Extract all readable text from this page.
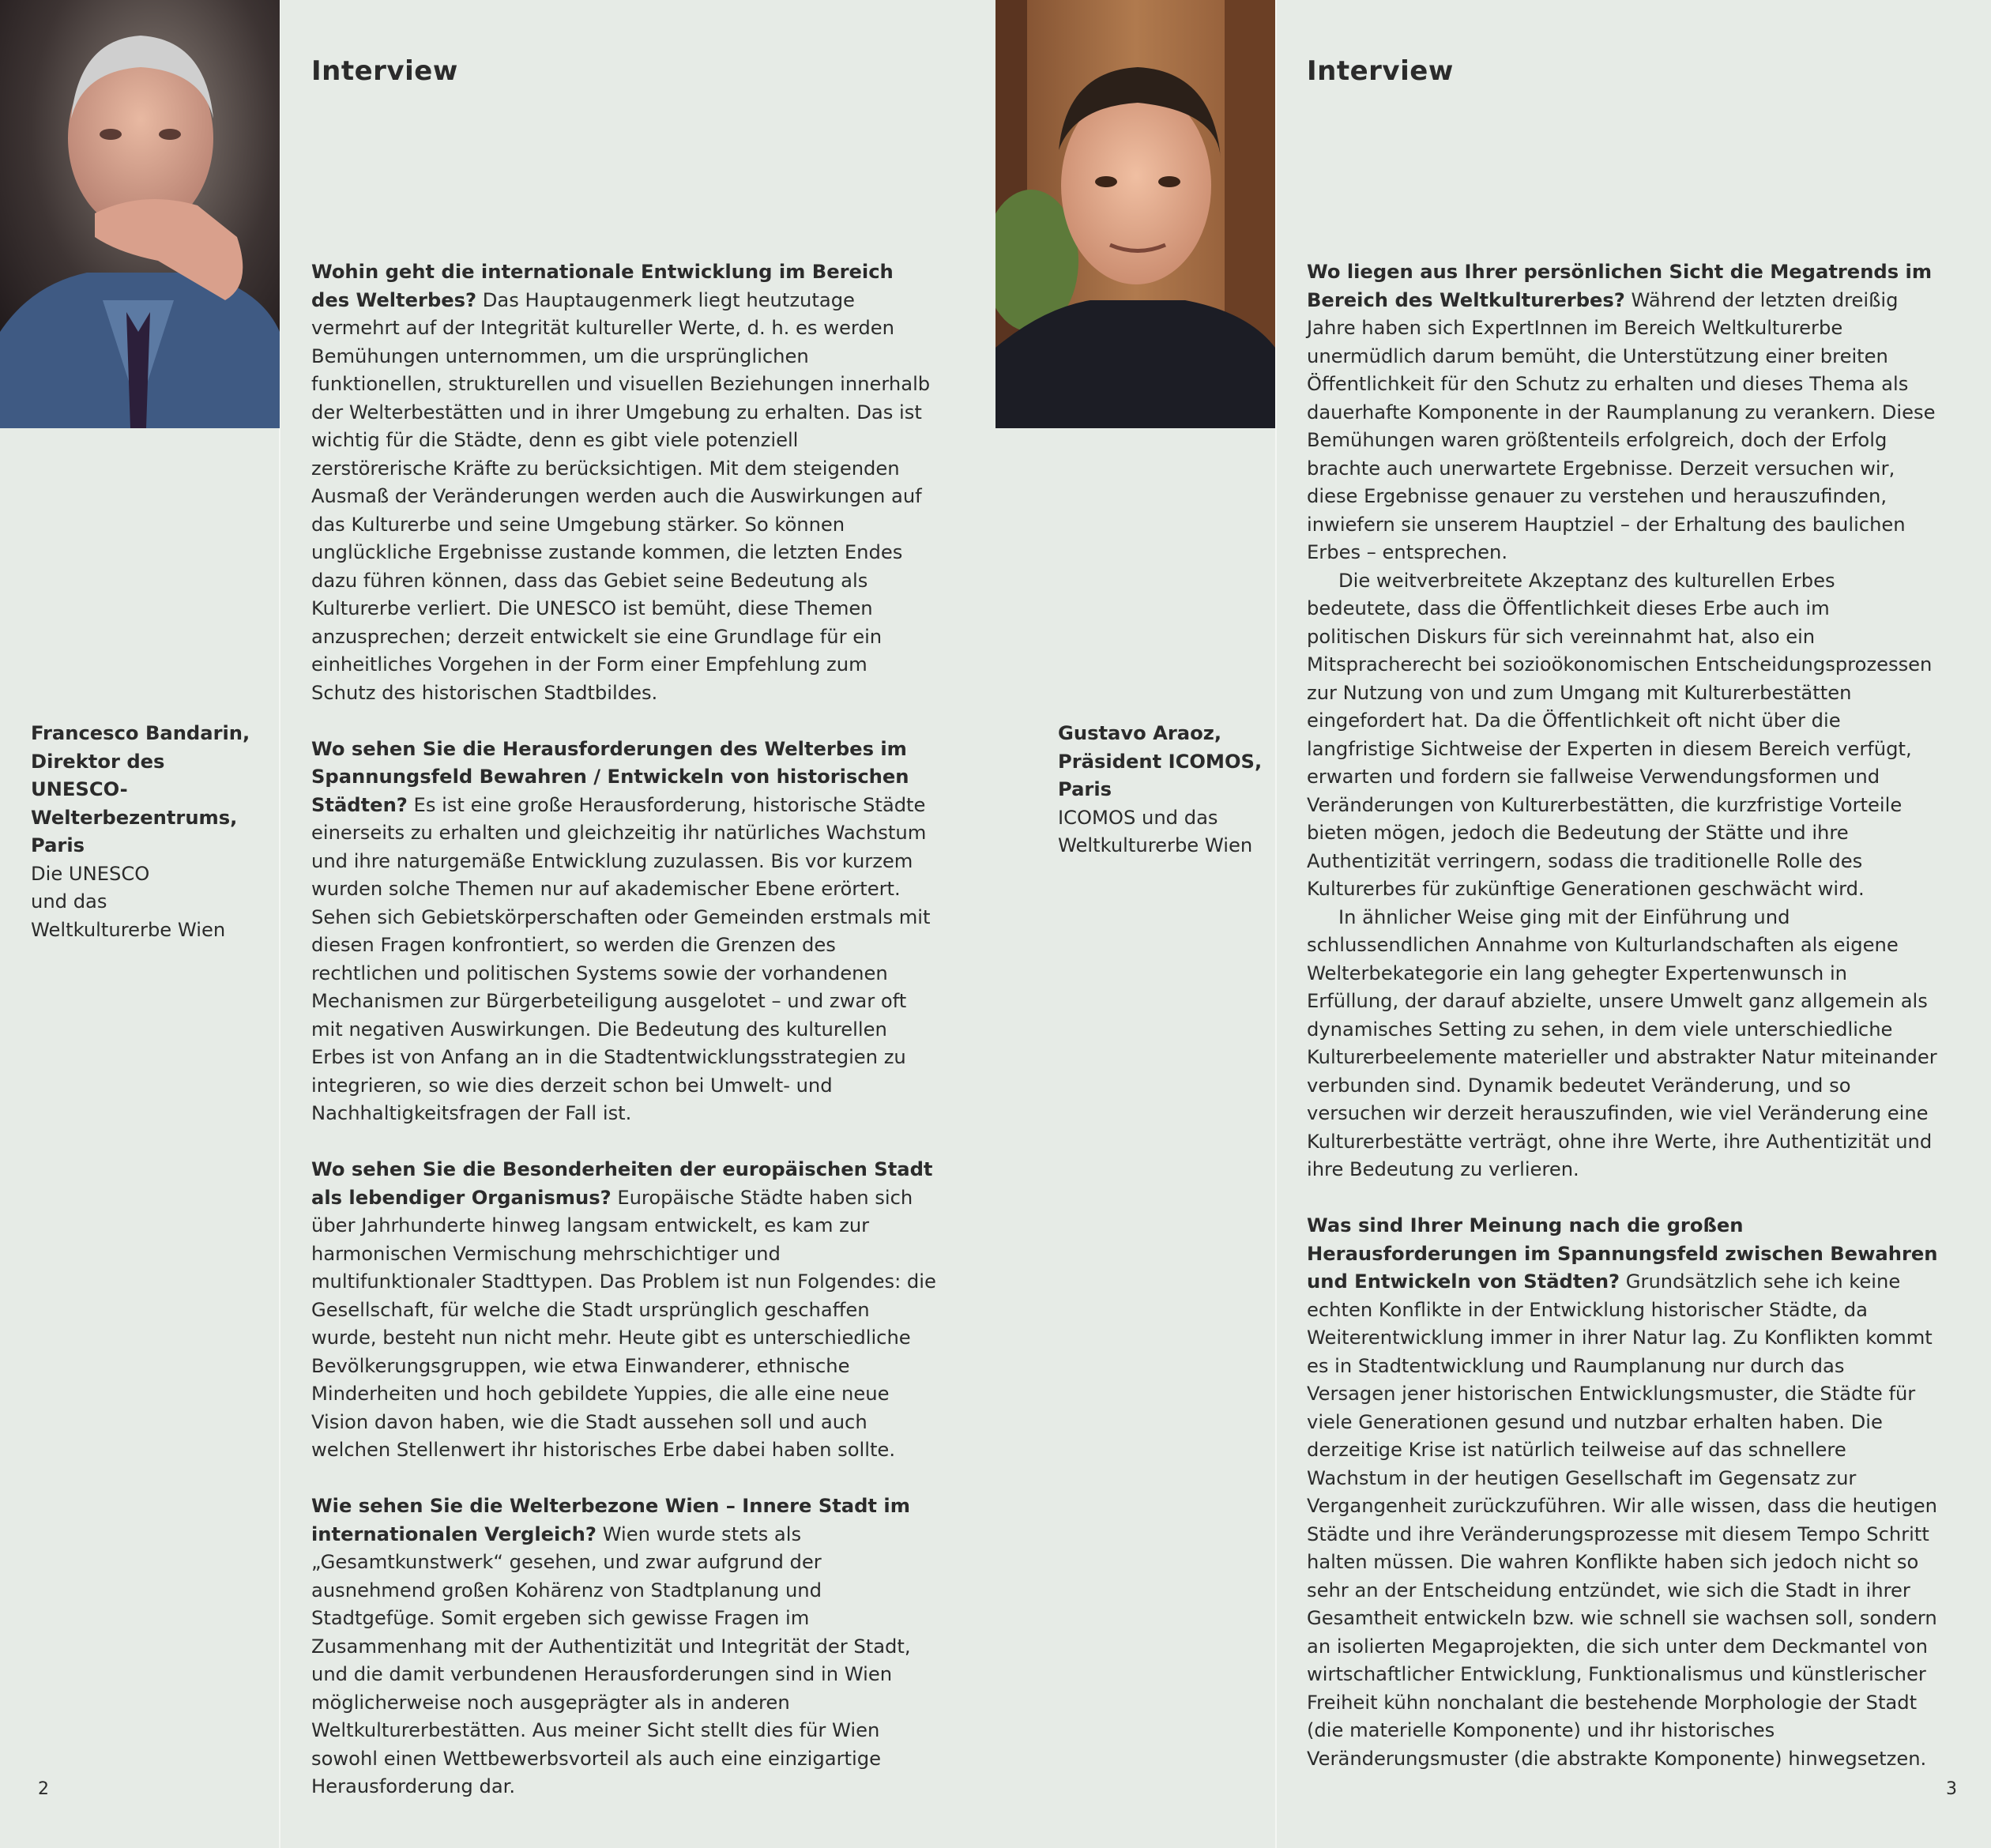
Interview

Wohin geht die internationale Entwicklung im Bereich des Welterbes? Das Hauptaugenmerk liegt heutzutage vermehrt auf der Integrität kultureller Werte, d. h. es werden Bemühungen unternommen, um die ursprünglichen funktionellen, strukturellen und visuellen Beziehungen innerhalb der Welterbestätten und in ihrer Umgebung zu erhalten. Das ist wichtig für die Städte, denn es gibt viele potenziell zerstörerische Kräfte zu berücksichtigen. Mit dem steigenden Ausmaß der Veränderungen werden auch die Auswirkungen auf das Kulturerbe und seine Umgebung stärker. So können unglückliche Ergebnisse zustande kommen, die letzten Endes dazu führen können, dass das Gebiet seine Bedeutung als Kulturerbe verliert. Die UNESCO ist bemüht, diese Themen anzusprechen; derzeit entwickelt sie eine Grundlage für ein einheitliches Vorgehen in der Form einer Empfehlung zum Schutz des historischen Stadtbildes.

Wo sehen Sie die Herausforderungen des Welterbes im Spannungsfeld Bewahren / Entwickeln von historischen Städten? Es ist eine große Herausforderung, historische Städte einerseits zu erhalten und gleichzeitig ihr natürliches Wachstum und ihre naturgemäße Entwicklung zuzulassen. Bis vor kurzem wurden solche Themen nur auf akademischer Ebene erörtert. Sehen sich Gebietskörperschaften oder Gemeinden erstmals mit diesen Fragen konfrontiert, so werden die Grenzen des rechtlichen und politischen Systems sowie der vorhandenen Mechanismen zur Bürgerbeteiligung ausgelotet – und zwar oft mit negativen Auswirkungen. Die Bedeutung des kulturellen Erbes ist von Anfang an in die Stadtentwicklungsstrategien zu integrieren, so wie dies derzeit schon bei Umwelt- und Nachhaltigkeitsfragen der Fall ist.

Wo sehen Sie die Besonderheiten der europäischen Stadt als lebendiger Organismus? Europäische Städte haben sich über Jahrhunderte hinweg langsam entwickelt, es kam zur harmonischen Vermischung mehrschichtiger und multifunktionaler Stadttypen. Das Problem ist nun Folgendes: die Gesellschaft, für welche die Stadt ursprünglich geschaffen wurde, besteht nun nicht mehr. Heute gibt es unterschiedliche Bevölkerungsgruppen, wie etwa Einwanderer, ethnische Minderheiten und hoch gebildete Yuppies, die alle eine neue Vision davon haben, wie die Stadt aussehen soll und auch welchen Stellenwert ihr historisches Erbe dabei haben sollte.

Wie sehen Sie die Welterbezone Wien – Innere Stadt im internationalen Vergleich? Wien wurde stets als „Gesamtkunstwerk“ gesehen, und zwar aufgrund der ausnehmend großen Kohärenz von Stadtplanung und Stadtgefüge. Somit ergeben sich gewisse Fragen im Zusammenhang mit der Authentizität und Integrität der Stadt, und die damit verbundenen Herausforderungen sind in Wien möglicherweise noch ausgeprägter als in anderen Weltkulturerbestätten. Aus meiner Sicht stellt dies für Wien sowohl einen Wettbewerbsvorteil als auch eine einzigartige Herausforderung dar.

Francesco Bandarin,
Direktor des
UNESCO-
Welterbezentrums,
Paris
Die UNESCO
und das
Weltkulturerbe Wien
2
Interview

Wo liegen aus Ihrer persönlichen Sicht die Megatrends im Bereich des Weltkulturerbes? Während der letzten dreißig Jahre haben sich ExpertInnen im Bereich Weltkulturerbe unermüdlich darum bemüht, die Unterstützung einer breiten Öffentlichkeit für den Schutz zu erhalten und dieses Thema als dauerhafte Komponente in der Raumplanung zu verankern. Diese Bemühungen waren größtenteils erfolgreich, doch der Erfolg brachte auch unerwartete Ergebnisse. Derzeit versuchen wir, diese Ergebnisse genauer zu verstehen und herauszufinden, inwiefern sie unserem Hauptziel – der Erhaltung des baulichen Erbes – entsprechen.

Die weitverbreitete Akzeptanz des kulturellen Erbes bedeutete, dass die Öffentlichkeit dieses Erbe auch im politischen Diskurs für sich vereinnahmt hat, also ein Mitspracherecht bei sozioökonomischen Entscheidungsprozessen zur Nutzung von und zum Umgang mit Kulturerbestätten eingefordert hat. Da die Öffentlichkeit oft nicht über die langfristige Sichtweise der Experten in diesem Bereich verfügt, erwarten und fordern sie fallweise Verwendungsformen und Veränderungen von Kulturerbestätten, die kurzfristige Vorteile bieten mögen, jedoch die Bedeutung der Stätte und ihre Authentizität verringern, sodass die traditionelle Rolle des Kulturerbes für zukünftige Generationen geschwächt wird.

In ähnlicher Weise ging mit der Einführung und schlussendlichen Annahme von Kulturlandschaften als eigene Welterbekategorie ein lang gehegter Expertenwunsch in Erfüllung, der darauf abzielte, unsere Umwelt ganz allgemein als dynamisches Setting zu sehen, in dem viele unterschiedliche Kulturerbeelemente materieller und abstrakter Natur miteinander verbunden sind. Dynamik bedeutet Veränderung, und so versuchen wir derzeit herauszufinden, wie viel Veränderung eine Kulturerbestätte verträgt, ohne ihre Werte, ihre Authentizität und ihre Bedeutung zu verlieren.

Was sind Ihrer Meinung nach die großen Herausforderungen im Spannungsfeld zwischen Bewahren und Entwickeln von Städten? Grundsätzlich sehe ich keine echten Konflikte in der Entwicklung historischer Städte, da Weiterentwicklung immer in ihrer Natur lag. Zu Konflikten kommt es in Stadtentwicklung und Raumplanung nur durch das Versagen jener historischen Entwicklungsmuster, die Städte für viele Generationen gesund und nutzbar erhalten haben. Die derzeitige Krise ist natürlich teilweise auf das schnellere Wachstum in der heutigen Gesellschaft im Gegensatz zur Vergangenheit zurückzuführen. Wir alle wissen, dass die heutigen Städte und ihre Veränderungsprozesse mit diesem Tempo Schritt halten müssen. Die wahren Konflikte haben sich jedoch nicht so sehr an der Entscheidung entzündet, wie sich die Stadt in ihrer Gesamtheit entwickeln bzw. wie schnell sie wachsen soll, sondern an isolierten Megaprojekten, die sich unter dem Deckmantel von wirtschaftlicher Entwicklung, Funktionalismus und künstlerischer Freiheit kühn nonchalant die bestehende Morphologie der Stadt (die materielle Komponente) und ihr historisches Veränderungsmuster (die abstrakte Komponente) hinwegsetzen.

Gustavo Araoz,
Präsident ICOMOS,
Paris
ICOMOS und das
Weltkulturerbe Wien
3
